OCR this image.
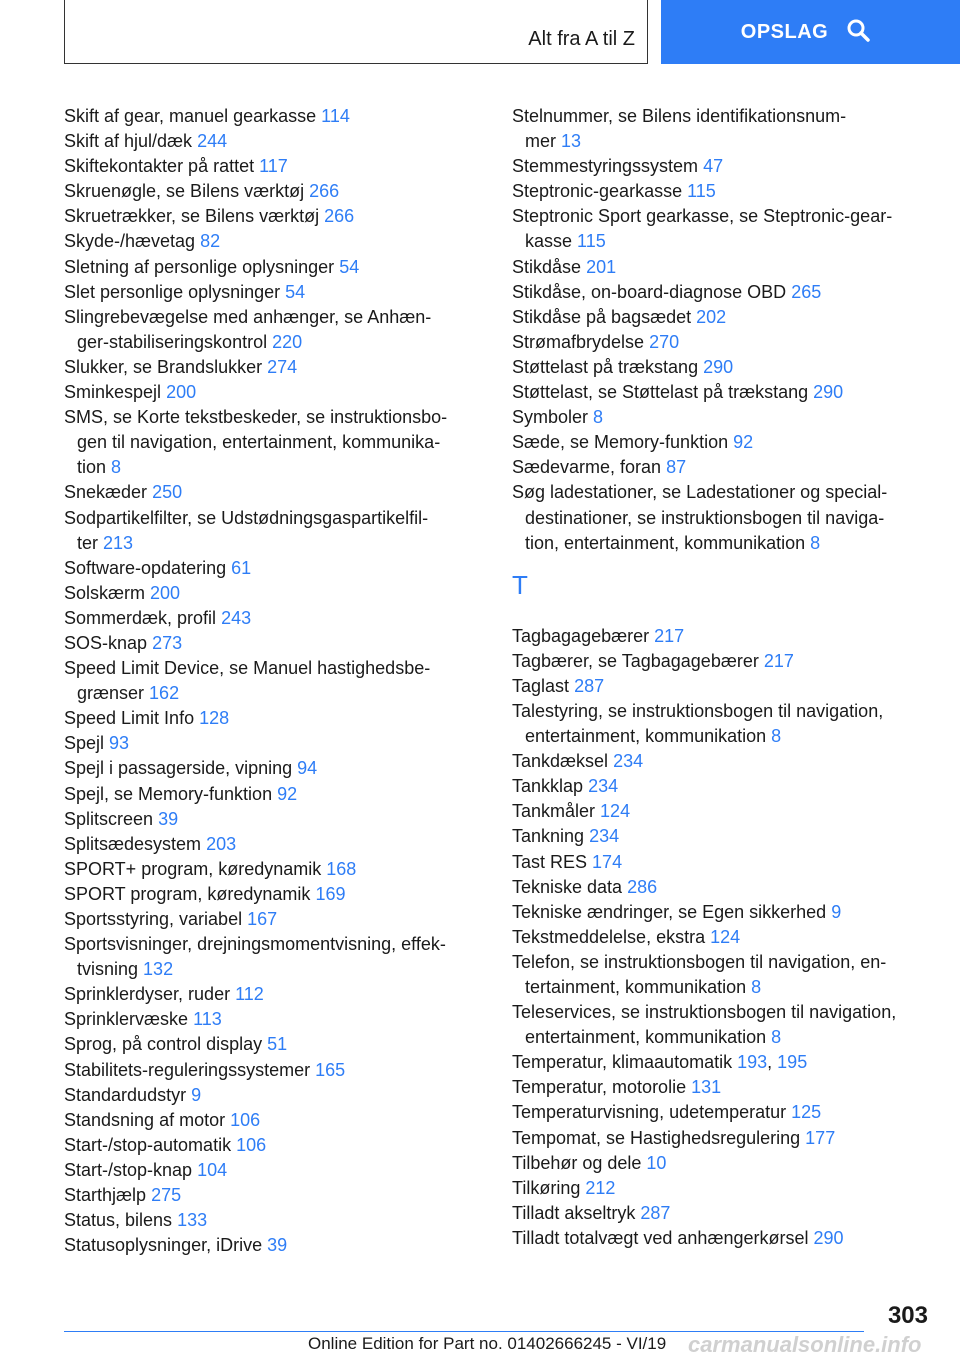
Alt fra A til Z	OPSLAG
Skift af gear, manuel gearkasse 114
Skift af hjul/dæk 244
Skiftekontakter på rattet 117
Skruenøgle, se Bilens værktøj 266
Skruetrækker, se Bilens værktøj 266
Skyde-/hævetag 82
Sletning af personlige oplysninger 54
Slet personlige oplysninger 54
Slingrebevægelse med anhænger, se Anhæn-
ger-stabiliseringskontrol 220
Slukker, se Brandslukker 274
Sminkespejl 200
SMS, se Korte tekstbeskeder, se instruktionsbo-
gen til navigation, entertainment, kommunika-
tion 8
Snekæder 250
Sodpartikelfilter, se Udstødningsgaspartikelfil-
ter 213
Software-opdatering 61
Solskærm 200
Sommerdæk, profil 243
SOS-knap 273
Speed Limit Device, se Manuel hastighedsbe-
grænser 162
Speed Limit Info 128
Spejl 93
Spejl i passagerside, vipning 94
Spejl, se Memory-funktion 92
Splitscreen 39
Splitsædesystem 203
SPORT+ program, køredynamik 168
SPORT program, køredynamik 169
Sportsstyring, variabel 167
Sportsvisninger, drejningsmomentvisning, effek-
tvisning 132
Sprinklerdyser, ruder 112
Sprinklervæske 113
Sprog, på control display 51
Stabilitets-reguleringssystemer 165
Standardudstyr 9
Standsning af motor 106
Start-/stop-automatik 106
Start-/stop-knap 104
Starthjælp 275
Status, bilens 133
Statusoplysninger, iDrive 39
Stelnummer, se Bilens identifikationsnum-
mer 13
Stemmestyringssystem 47
Steptronic-gearkasse 115
Steptronic Sport gearkasse, se Steptronic-gear-
kasse 115
Stikdåse 201
Stikdåse, on-board-diagnose OBD 265
Stikdåse på bagsædet 202
Strømafbrydelse 270
Støttelast på trækstang 290
Støttelast, se Støttelast på trækstang 290
Symboler 8
Sæde, se Memory-funktion 92
Sædevarme, foran 87
Søg ladestationer, se Ladestationer og special-
destinationer, se instruktionsbogen til naviga-
tion, entertainment, kommunikation 8
T
Tagbagagebærer 217
Tagbærer, se Tagbagagebærer 217
Taglast 287
Talestyring, se instruktionsbogen til navigation,
entertainment, kommunikation 8
Tankdæksel 234
Tankklap 234
Tankmåler 124
Tankning 234
Tast RES 174
Tekniske data 286
Tekniske ændringer, se Egen sikkerhed 9
Tekstmeddelelse, ekstra 124
Telefon, se instruktionsbogen til navigation, en-
tertainment, kommunikation 8
Teleservices, se instruktionsbogen til navigation,
entertainment, kommunikation 8
Temperatur, klimaautomatik 193, 195
Temperatur, motorolie 131
Temperaturvisning, udetemperatur 125
Tempomat, se Hastighedsregulering 177
Tilbehør og dele 10
Tilkøring 212
Tilladt akseltryk 287
Tilladt totalvægt ved anhængerkørsel 290
303
Online Edition for Part no. 01402666245 - VI/19 carmanualsonline.info
